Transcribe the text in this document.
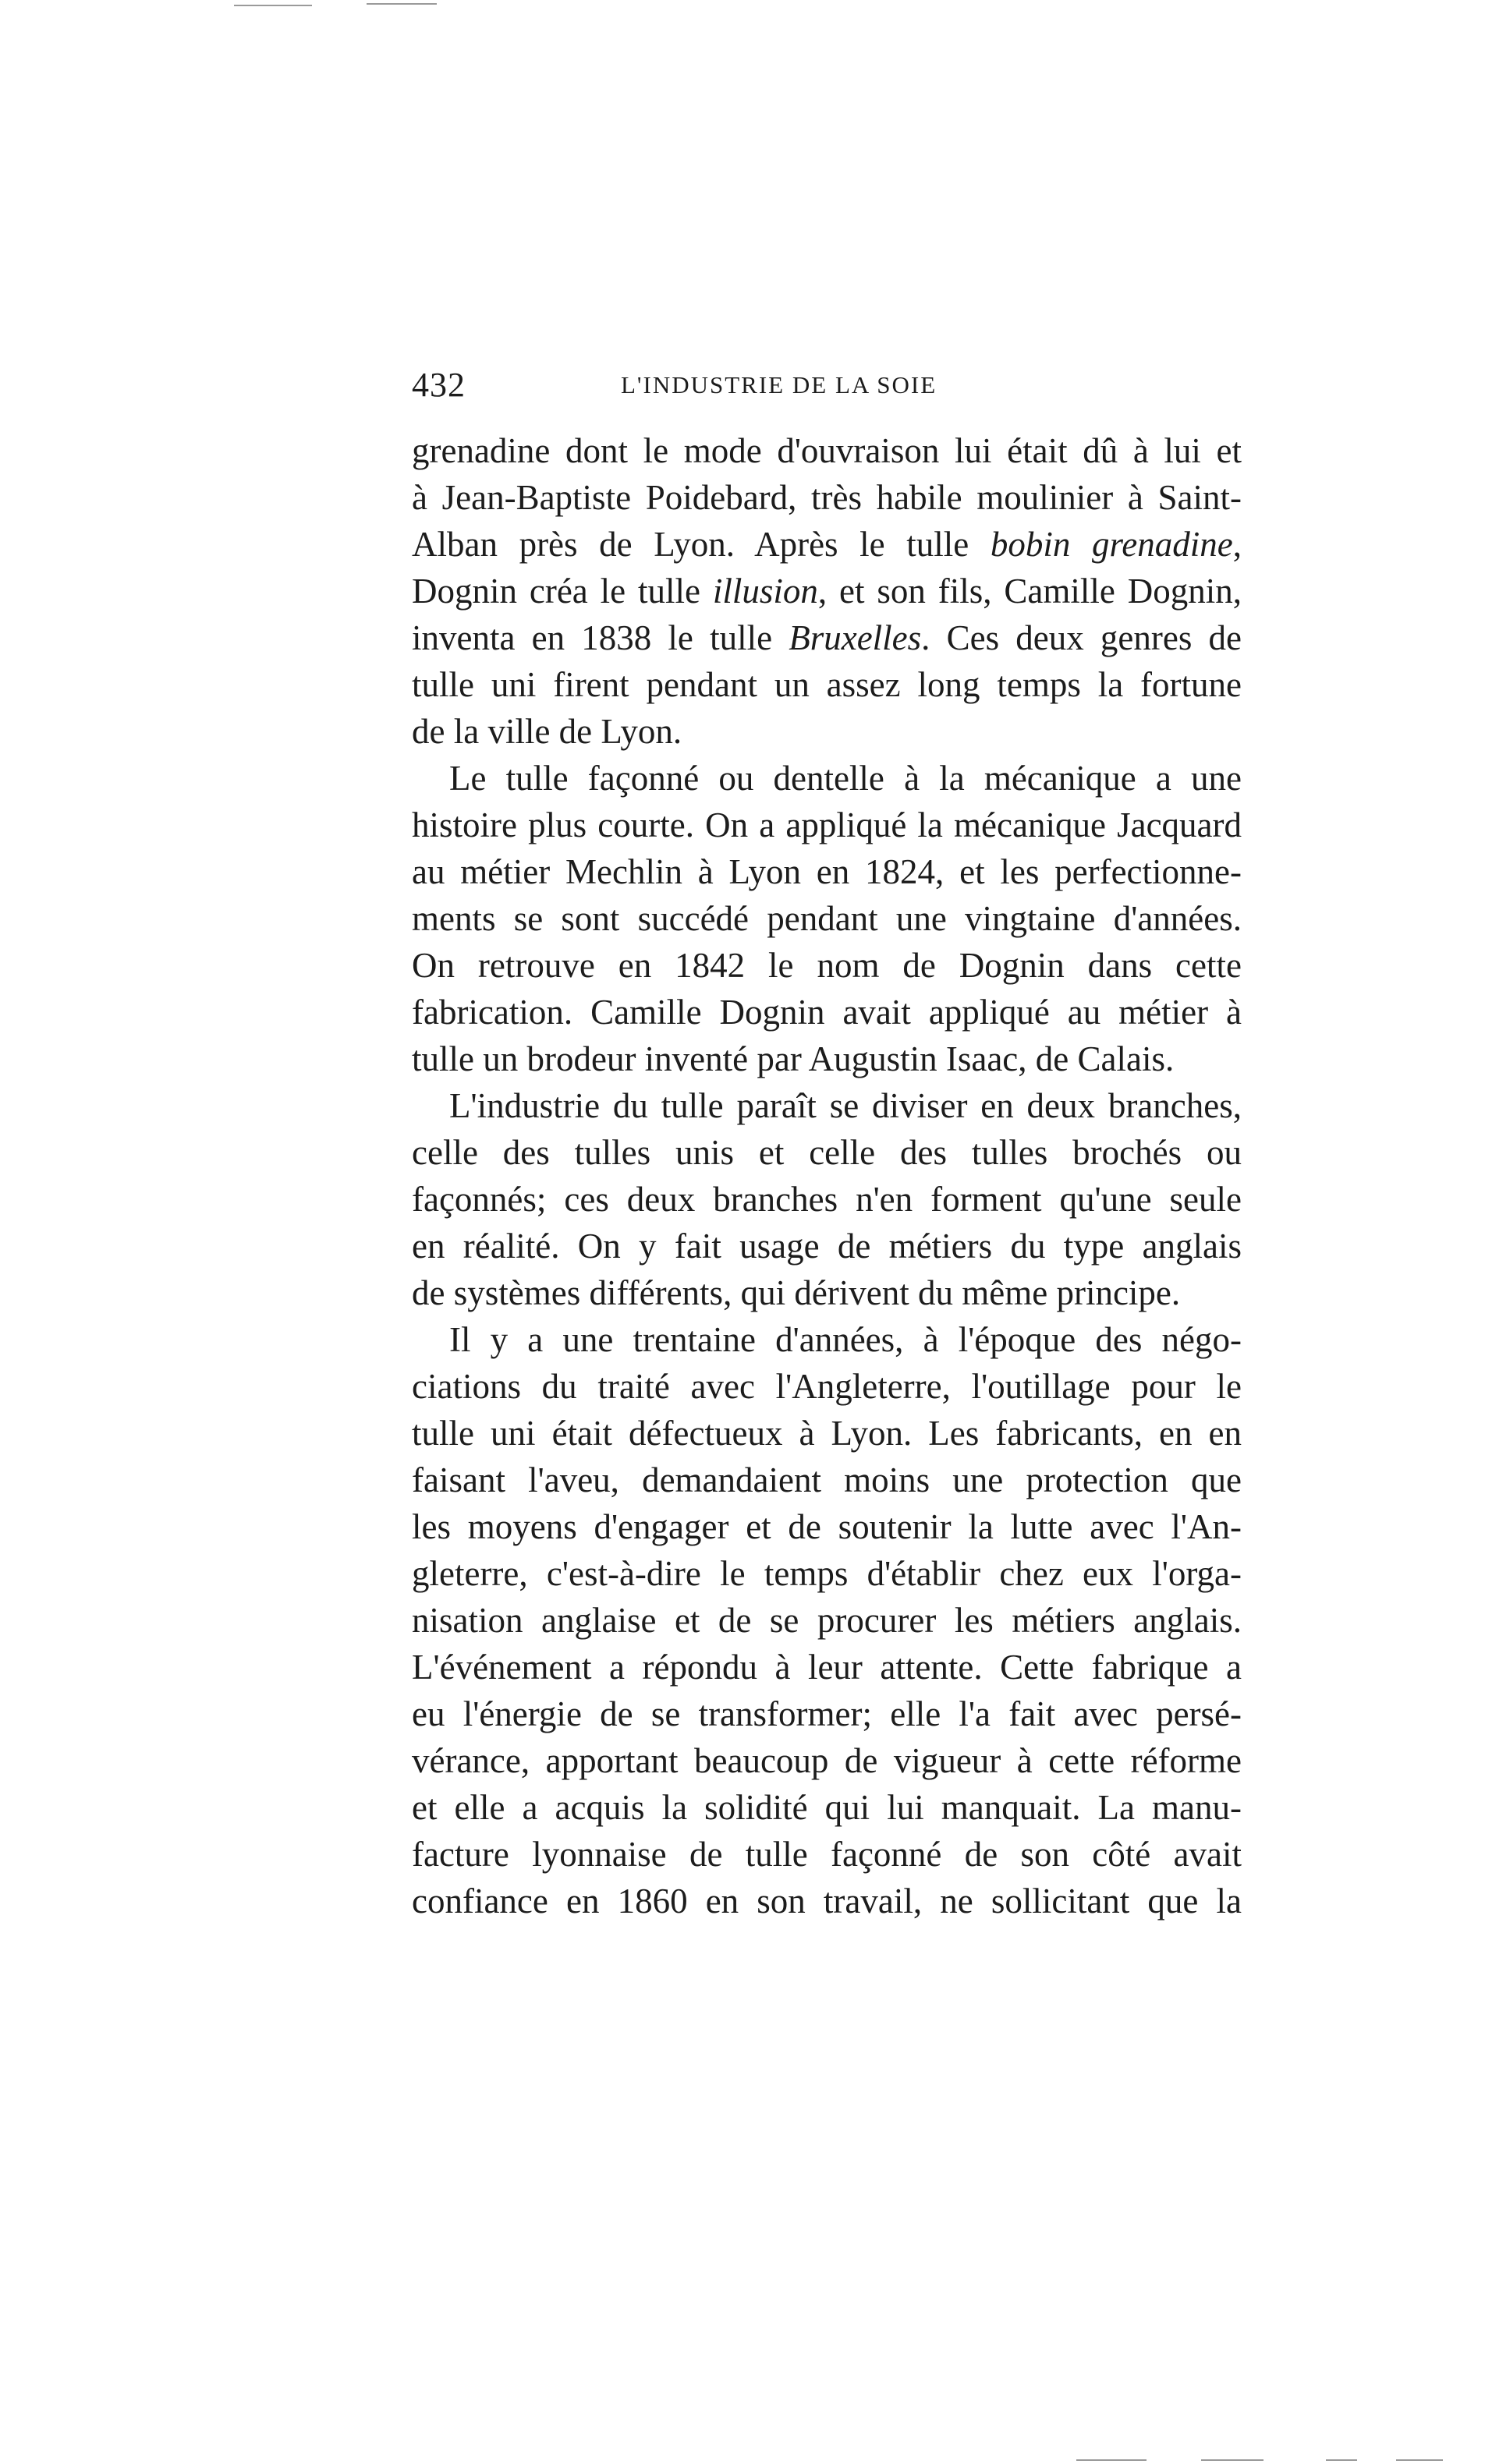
432	L'INDUSTRIE DE LA SOIE
grenadine dont le mode d'ouvraison lui était dû à lui et
à Jean-Baptiste Poidebard, très habile moulinier à Saint-
Alban près de Lyon. Après le tulle bobin grenadine,
Dognin créa le tulle illusion, et son fils, Camille Dognin,
inventa en 1838 le tulle Bruxelles. Ces deux genres de
tulle uni firent pendant un assez long temps la fortune
de la ville de Lyon.
Le tulle façonné ou dentelle à la mécanique a une
histoire plus courte. On a appliqué la mécanique Jacquard
au métier Mechlin à Lyon en 1824, et les perfectionne-
ments se sont succédé pendant une vingtaine d'années.
On retrouve en 1842 le nom de Dognin dans cette
fabrication. Camille Dognin avait appliqué au métier à
tulle un brodeur inventé par Augustin Isaac, de Calais.
L'industrie du tulle paraît se diviser en deux branches,
celle des tulles unis et celle des tulles brochés ou
façonnés; ces deux branches n'en forment qu'une seule
en réalité. On y fait usage de métiers du type anglais
de systèmes différents, qui dérivent du même principe.
Il y a une trentaine d'années, à l'époque des négo-
ciations du traité avec l'Angleterre, l'outillage pour le
tulle uni était défectueux à Lyon. Les fabricants, en en
faisant l'aveu, demandaient moins une protection que
les moyens d'engager et de soutenir la lutte avec l'An-
gleterre, c'est-à-dire le temps d'établir chez eux l'orga-
nisation anglaise et de se procurer les métiers anglais.
L'événement a répondu à leur attente. Cette fabrique a
eu l'énergie de se transformer; elle l'a fait avec persé-
vérance, apportant beaucoup de vigueur à cette réforme
et elle a acquis la solidité qui lui manquait. La manu-
facture lyonnaise de tulle façonné de son côté avait
confiance en 1860 en son travail, ne sollicitant que la
